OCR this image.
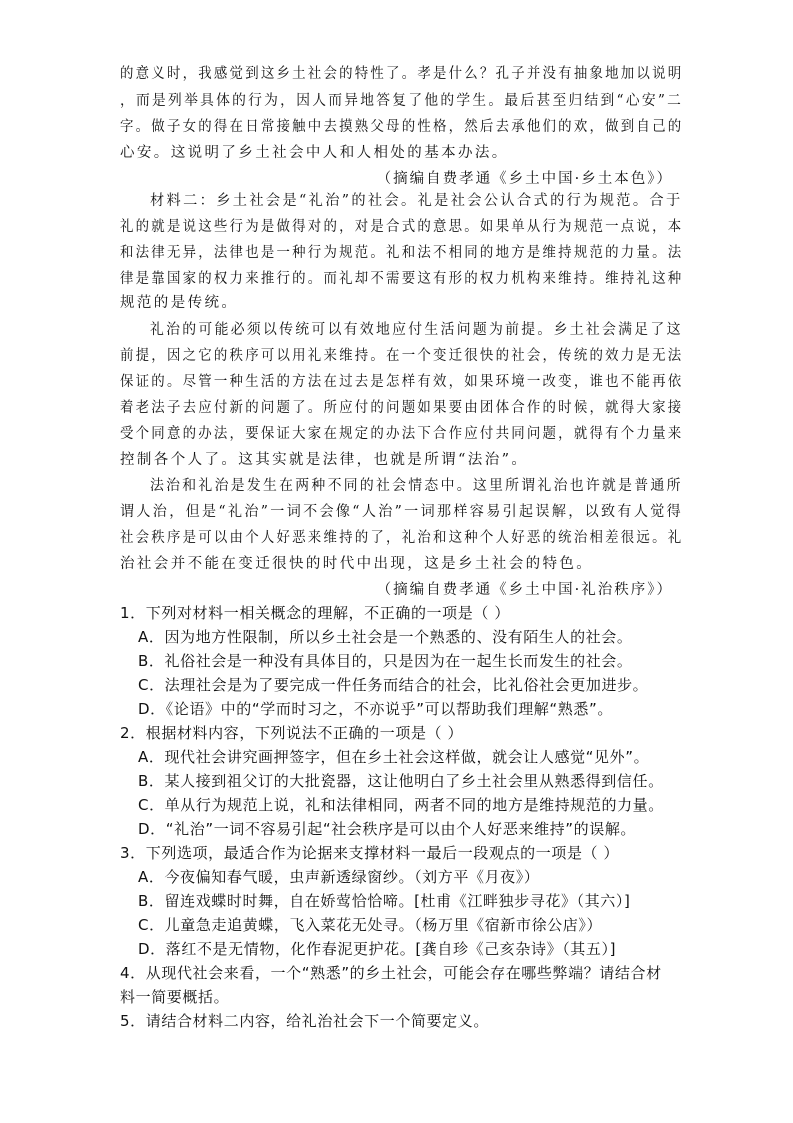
的意义时，我感觉到这乡土社会的特性了。孝是什么？孔子并没有抽象地加以说明
，而是列举具体的行为，因人而异地答复了他的学生。最后甚至归结到“心安”二
字。做子女的得在日常接触中去摸熟父母的性格，然后去承他们的欢，做到自己的
心安。这说明了乡土社会中人和人相处的基本办法。
（摘编自费孝通《乡土中国·乡土本色》）
材料二：乡土社会是“礼治”的社会。礼是社会公认合式的行为规范。合于
礼的就是说这些行为是做得对的，对是合式的意思。如果单从行为规范一点说，本
和法律无异，法律也是一种行为规范。礼和法不相同的地方是维持规范的力量。法
律是靠国家的权力来推行的。而礼却不需要这有形的权力机构来维持。维持礼这种
规范的是传统。
礼治的可能必须以传统可以有效地应付生活问题为前提。乡土社会满足了这
前提，因之它的秩序可以用礼来维持。在一个变迁很快的社会，传统的效力是无法
保证的。尽管一种生活的方法在过去是怎样有效，如果环境一改变，谁也不能再依
着老法子去应付新的问题了。所应付的问题如果要由团体合作的时候，就得大家接
受个同意的办法，要保证大家在规定的办法下合作应付共同问题，就得有个力量来
控制各个人了。这其实就是法律，也就是所谓“法治”。
法治和礼治是发生在两种不同的社会情态中。这里所谓礼治也许就是普通所
谓人治，但是“礼治”一词不会像“人治”一词那样容易引起误解，以致有人觉得
社会秩序是可以由个人好恶来维持的了，礼治和这种个人好恶的统治相差很远。礼
治社会并不能在变迁很快的时代中出现，这是乡土社会的特色。
（摘编自费孝通《乡土中国·礼治秩序》）
1．下列对材料一相关概念的理解，不正确的一项是（ ）
A．因为地方性限制，所以乡土社会是一个熟悉的、没有陌生人的社会。
B．礼俗社会是一种没有具体目的，只是因为在一起生长而发生的社会。
C．法理社会是为了要完成一件任务而结合的社会，比礼俗社会更加进步。
D．《论语》中的“学而时习之，不亦说乎”可以帮助我们理解“熟悉”。
2．根据材料内容，下列说法不正确的一项是（ ）
A．现代社会讲究画押签字，但在乡土社会这样做，就会让人感觉“见外”。
B．某人接到祖父订的大批瓷器，这让他明白了乡土社会里从熟悉得到信任。
C．单从行为规范上说，礼和法律相同，两者不同的地方是维持规范的力量。
D．“礼治”一词不容易引起“社会秩序是可以由个人好恶来维持”的误解。
3．下列选项，最适合作为论据来支撑材料一最后一段观点的一项是（ ）
A．今夜偏知春气暖，虫声新透绿窗纱。（刘方平《月夜》）
B．留连戏蝶时时舞，自在娇莺恰恰啼。[杜甫《江畔独步寻花》（其六）]
C．儿童急走追黄蝶，飞入菜花无处寻。（杨万里《宿新市徐公店》）
D．落红不是无情物，化作春泥更护花。[龚自珍《己亥杂诗》（其五）]
4．从现代社会来看，一个“熟悉”的乡土社会，可能会存在哪些弊端？请结合材
料一简要概括。
5．请结合材料二内容，给礼治社会下一个简要定义。
